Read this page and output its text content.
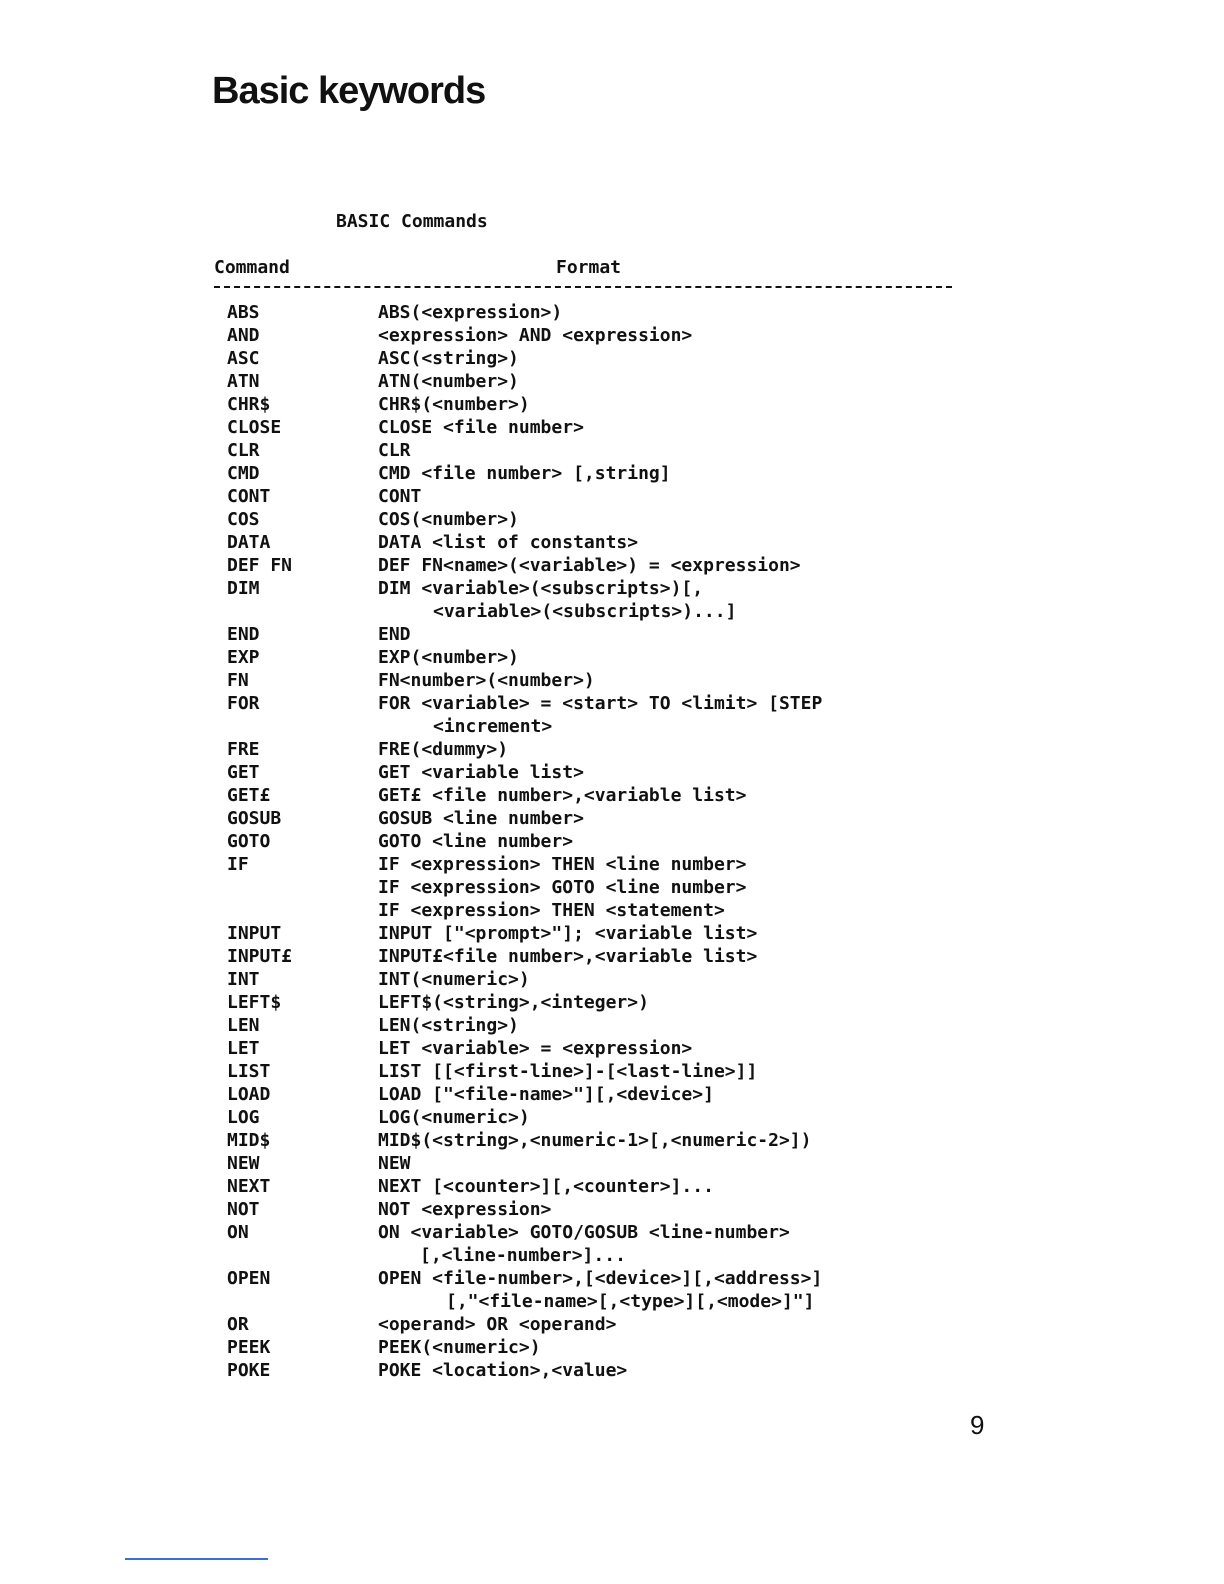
Basic keywords
BASIC Commands
Command	Format
ABS	ABS(<expression>)
AND	<expression> AND <expression>
ASC	ASC(<string>)
ATN	ATN(<number>)
CHR$	CHR$(<number>)
CLOSE	CLOSE <file number>
CLR	CLR
CMD	CMD <file number> [,string]
CONT	CONT
COS	COS(<number>)
DATA	DATA <list of constants>
DEF FN	DEF FN<name>(<variable>) = <expression>
DIM	DIM <variable>(<subscripts>)[,
<variable>(<subscripts>)...]
END	END
EXP	EXP(<number>)
FN	FN<number>(<number>)
FOR	FOR <variable> = <start> TO <limit> [STEP
<increment>
FRE	FRE(<dummy>)
GET	GET <variable list>
GET£	GET£ <file number>,<variable list>
GOSUB	GOSUB <line number>
GOTO	GOTO <line number>
IF	IF <expression> THEN <line number>
IF <expression> GOTO <line number>
IF <expression> THEN <statement>
INPUT	INPUT ["<prompt>"]; <variable list>
INPUT£	INPUT£<file number>,<variable list>
INT	INT(<numeric>)
LEFT$	LEFT$(<string>,<integer>)
LEN	LEN(<string>)
LET	LET <variable> = <expression>
LIST	LIST [[<first-line>]-[<last-line>]]
LOAD	LOAD ["<file-name>"][,<device>]
LOG	LOG(<numeric>)
MID$	MID$(<string>,<numeric-1>[,<numeric-2>])
NEW	NEW
NEXT	NEXT [<counter>][,<counter>]...
NOT	NOT <expression>
ON	ON <variable> GOTO/GOSUB <line-number>
[,<line-number>]...
OPEN	OPEN <file-number>,[<device>][,<address>]
[,"<file-name>[,<type>][,<mode>]"]
OR	<operand> OR <operand>
PEEK	PEEK(<numeric>)
POKE	POKE <location>,<value>
9
